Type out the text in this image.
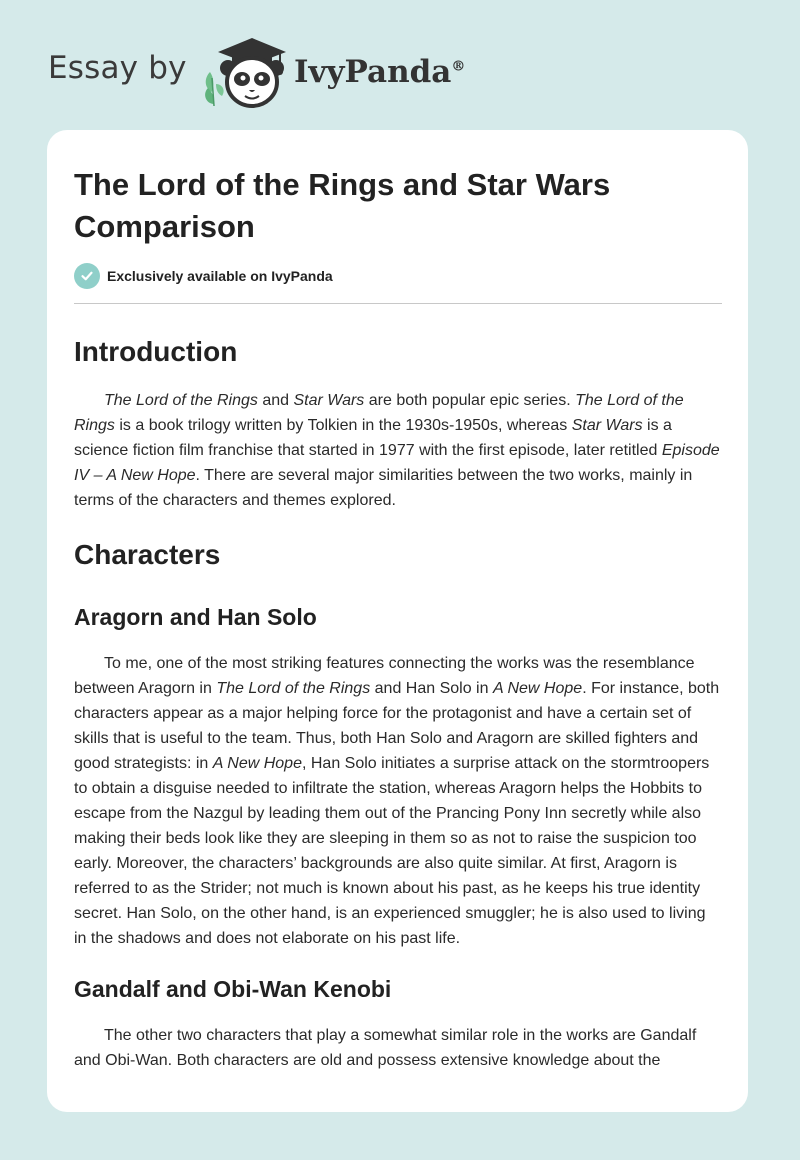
Essay by	IvyPanda®
The Lord of the Rings and Star Wars Comparison
Exclusively available on IvyPanda
Introduction

The Lord of the Rings and Star Wars are both popular epic series. The Lord of the Rings is a book trilogy written by Tolkien in the 1930s-1950s, whereas Star Wars is a science fiction film franchise that started in 1977 with the first episode, later retitled Episode IV – A New Hope. There are several major similarities between the two works, mainly in terms of the characters and themes explored.

Characters
Aragorn and Han Solo

To me, one of the most striking features connecting the works was the resemblance between Aragorn in The Lord of the Rings and Han Solo in A New Hope. For instance, both characters appear as a major helping force for the protagonist and have a certain set of skills that is useful to the team. Thus, both Han Solo and Aragorn are skilled fighters and good strategists: in A New Hope, Han Solo initiates a surprise attack on the stormtroopers to obtain a disguise needed to infiltrate the station, whereas Aragorn helps the Hobbits to escape from the Nazgul by leading them out of the Prancing Pony Inn secretly while also making their beds look like they are sleeping in them so as not to raise the suspicion too early. Moreover, the characters’ backgrounds are also quite similar. At first, Aragorn is referred to as the Strider; not much is known about his past, as he keeps his true identity secret. Han Solo, on the other hand, is an experienced smuggler; he is also used to living in the shadows and does not elaborate on his past life.

Gandalf and Obi-Wan Kenobi

The other two characters that play a somewhat similar role in the works are Gandalf and Obi-Wan. Both characters are old and possess extensive knowledge about the
